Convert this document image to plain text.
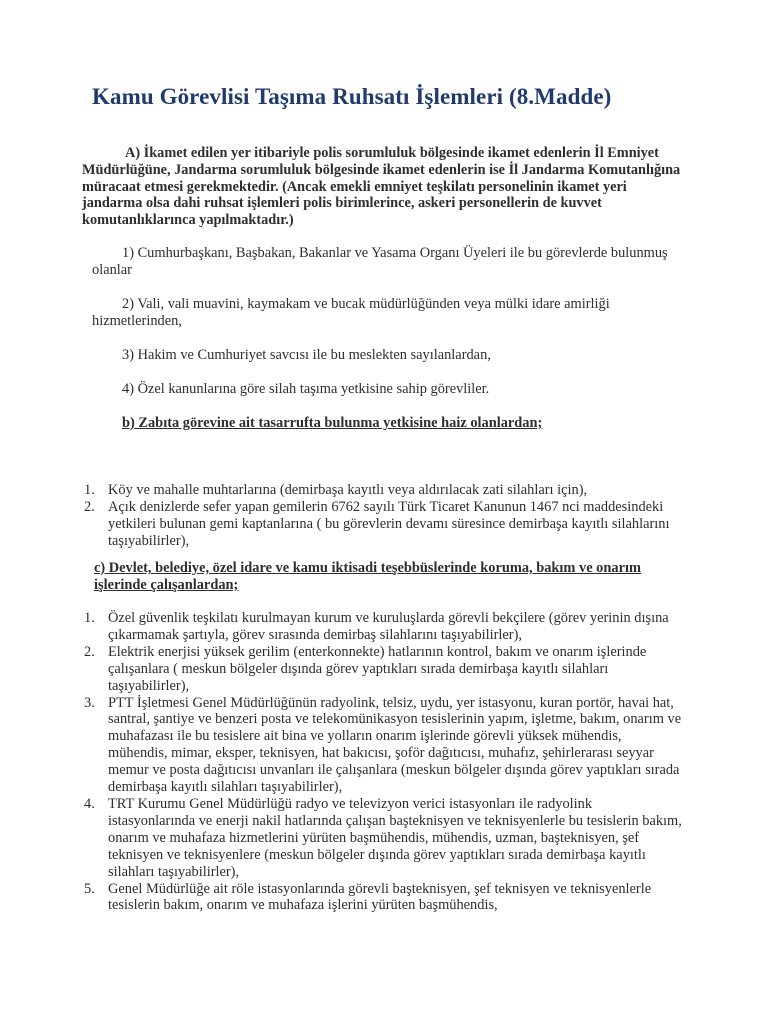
Kamu Görevlisi Taşıma Ruhsatı İşlemleri (8.Madde)

A) İkamet edilen yer itibariyle polis sorumluluk bölgesinde ikamet edenlerin İl Emniyet Müdürlüğüne, Jandarma sorumluluk bölgesinde ikamet edenlerin ise İl Jandarma Komutanlığına müracaat etmesi gerekmektedir. (Ancak emekli emniyet teşkilatı personelinin ikamet yeri jandarma olsa dahi ruhsat işlemleri polis birimlerince, askeri personellerin de kuvvet komutanlıklarınca yapılmaktadır.)

1) Cumhurbaşkanı, Başbakan, Bakanlar ve Yasama Organı Üyeleri ile bu görevlerde bulunmuş olanlar

2) Vali, vali muavini, kaymakam ve bucak müdürlüğünden veya mülki idare amirliği hizmetlerinden,

3) Hakim ve Cumhuriyet savcısı ile bu meslekten sayılanlardan,

4) Özel kanunlarına göre silah taşıma yetkisine sahip görevliler.

b) Zabıta görevine ait tasarrufta bulunma yetkisine haiz olanlardan;

1. Köy ve mahalle muhtarlarına (demirbaşa kayıtlı veya aldırılacak zati silahları için),
2. Açık denizlerde sefer yapan gemilerin 6762 sayılı Türk Ticaret Kanunun 1467 nci maddesindeki yetkileri bulunan gemi kaptanlarına ( bu görevlerin devamı süresince demirbaşa kayıtlı silahlarını taşıyabilirler),

c) Devlet, belediye, özel idare ve kamu iktisadi teşebbüslerinde koruma, bakım ve onarım işlerinde çalışanlardan;

1. Özel güvenlik teşkilatı kurulmayan kurum ve kuruluşlarda görevli bekçilere (görev yerinin dışına çıkarmamak şartıyla, görev sırasında demirbaş silahlarını taşıyabilirler),
2. Elektrik enerjisi yüksek gerilim (enterkonnekte) hatlarının kontrol, bakım ve onarım işlerinde çalışanlara ( meskun bölgeler dışında görev yaptıkları sırada demirbaşa kayıtlı silahları taşıyabilirler),
3. PTT İşletmesi Genel Müdürlüğünün radyolink, telsiz, uydu, yer istasyonu, kuran portör, havai hat, santral, şantiye ve benzeri posta ve telekomünikasyon tesislerinin yapım, işletme, bakım, onarım ve muhafazası ile bu tesislere ait bina ve yolların onarım işlerinde görevli yüksek mühendis, mühendis, mimar, eksper, teknisyen, hat bakıcısı, şoför dağıtıcısı, muhafız, şehirlerarası seyyar memur ve posta dağıtıcısı unvanları ile çalışanlara (meskun bölgeler dışında görev yaptıkları sırada demirbaşa kayıtlı silahları taşıyabilirler),
4. TRT Kurumu Genel Müdürlüğü radyo ve televizyon verici istasyonları ile radyolink istasyonlarında ve enerji nakil hatlarında çalışan başteknisyen ve teknisyenlerle bu tesislerin bakım, onarım ve muhafaza hizmetlerini yürüten başmühendis, mühendis, uzman, başteknisyen, şef teknisyen ve teknisyenlere (meskun bölgeler dışında görev yaptıkları sırada demirbaşa kayıtlı silahları taşıyabilirler),
5. Genel Müdürlüğe ait röle istasyonlarında görevli başteknisyen, şef teknisyen ve teknisyenlerle tesislerin bakım, onarım ve muhafaza işlerini yürüten başmühendis,
